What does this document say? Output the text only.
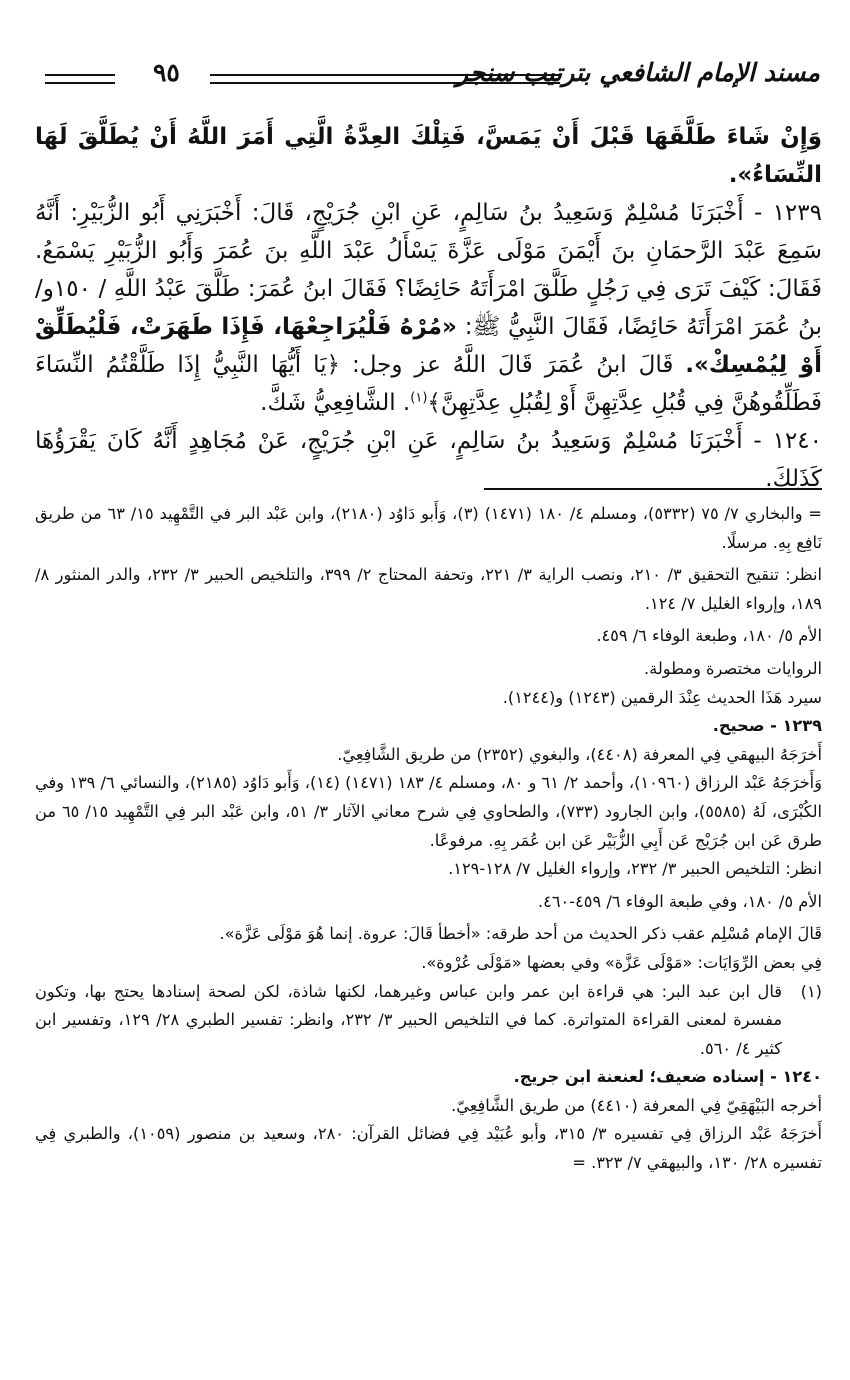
مسند الإمام الشافعي بترتيب سنجر
٩٥

وَإِنْ شَاءَ طَلَّقَهَا قَبْلَ أَنْ يَمَسَّ، فَتِلْكَ العِدَّةُ الَّتِي أَمَرَ اللَّهُ أَنْ يُطَلَّقَ لَهَا النِّسَاءُ».

١٢٣٩ - أَخْبَرَنَا مُسْلِمٌ وَسَعِيدُ بنُ سَالِمٍ، عَنِ ابْنِ جُرَيْجٍ، قَالَ: أَخْبَرَنِي أَبُو الزُّبَيْرِ: أَنَّهُ سَمِعَ عَبْدَ الرَّحمَانِ بنَ أَيْمَنَ مَوْلَى عَزَّةَ يَسْأَلُ عَبْدَ اللَّهِ بنَ عُمَرَ وَأَبُو الزُّبَيْرِ يَسْمَعُ. فَقَالَ: كَيْفَ تَرَى فِي رَجُلٍ طَلَّقَ امْرَأَتَهُ حَائِضًا؟ فَقَالَ ابنُ عُمَرَ: طَلَّقَ عَبْدُ اللَّهِ / ١٥٠و/ بنُ عُمَرَ امْرَأَتَهُ حَائِضًا، فَقَالَ النَّبِيُّ ﷺ: «مُرْهُ فَلْيُرَاجِعْهَا، فَإِذَا طَهَرَتْ، فَلْيُطَلِّقْ أَوْ لِيُمْسِكْ». قَالَ ابنُ عُمَرَ قَالَ اللَّهُ عز وجل: ﴿يَا أَيُّهَا النَّبِيُّ إِذَا طَلَّقْتُمُ النِّسَاءَ فَطَلِّقُوهُنَّ فِي قُبُلِ عِدَّتِهِنَّ أَوْ لِقُبُلِ عِدَّتِهِنَّ﴾$^{(١)}$. الشَّافِعِيُّ شَكَّ.

١٢٤٠ - أَخْبَرَنَا مُسْلِمٌ وَسَعِيدُ بنُ سَالِمٍ، عَنِ ابْنِ جُرَيْجٍ، عَنْ مُجَاهِدٍ أَنَّهُ كَانَ يَقْرَؤُهَا كَذَلِكَ.

= والبخاري ٧/ ٧٥ (٥٣٣٢)، ومسلم ٤/ ١٨٠ (١٤٧١) (٣)، وَأَبو دَاوُد (٢١٨٠)، وابن عَبْد البر في التَّمْهِيد ١٥/ ٦٣ من طريق نَافِع بِهِ. مرسلًا.

انظر: تنقيح التحقيق ٣/ ٢١٠، ونصب الراية ٣/ ٢٢١، وتحفة المحتاج ٢/ ٣٩٩، والتلخيص الحبير ٣/ ٢٣٢، والدر المنثور ٨/ ١٨٩، وإرواء الغليل ٧/ ١٢٤.

الأم ٥/ ١٨٠، وطبعة الوفاء ٦/ ٤٥٩.

الروايات مختصرة ومطولة.

سيرد هَذَا الحديث عِنْدَ الرقمين (١٢٤٣) و(١٢٤٤).

١٢٣٩ - صحيح.

أَخرَجَهُ البيهقي فِي المعرفة (٤٤٠٨)، والبغوي (٢٣٥٢) من طريق الشَّافِعِيّ.

وَأَخرَجَهُ عَبْد الرزاق (١٠٩٦٠)، وأحمد ٢/ ٦١ و ٨٠، ومسلم ٤/ ١٨٣ (١٤٧١) (١٤)، وَأَبو دَاوُد (٢١٨٥)، والنسائي ٦/ ١٣٩ وفي الكُبْرَى، لَهُ (٥٥٨٥)، وابن الجارود (٧٣٣)، والطحاوي فِي شرح معاني الآثار ٣/ ٥١، وابن عَبْد البر فِي التَّمْهِيد ١٥/ ٦٥ من طرق عَن ابن جُرَيْج عَن أَبِي الزُّبَيْر عَن ابن عُمَر بِهِ. مرفوعًا.

انظر: التلخيص الحبير ٣/ ٢٣٢، وإرواء الغليل ٧/ ١٢٨-١٢٩.

الأم ٥/ ١٨٠، وفي طبعة الوفاء ٦/ ٤٥٩-٤٦٠.

قَالَ الإمام مُسْلِم عقب ذكر الحديث من أحد طرقه: «أخطأ قَالَ: عروة. إنما هُوَ مَوْلَى عَزَّة».

فِي بعض الرِّوَايَات: «مَوْلَى عَزَّة» وفي بعضها «مَوْلَى عُرْوة».

(١)
قال ابن عبد البر: هي قراءة ابن عمر وابن عباس وغيرهما، لكنها شاذة، لكن لصحة إسنادها يحتج بها، وتكون مفسرة لمعنى القراءة المتواترة. كما في التلخيص الحبير ٣/ ٢٣٢، وانظر: تفسير الطبري ٢٨/ ١٢٩، وتفسير ابن كثير ٤/ ٥٦٠.

١٢٤٠ - إسناده ضعيف؛ لعنعنة ابن جريج.

أخرجه البَيْهَقِيّ فِي المعرفة (٤٤١٠) من طريق الشَّافِعِيّ.

أَخرَجَهُ عَبْد الرزاق فِي تفسيره ٣/ ٣١٥، وأبو عُبَيْد فِي فضائل القرآن: ٢٨٠، وسعيد بن منصور (١٠٥٩)، والطبري فِي تفسيره ٢٨/ ١٣٠، والبيهقي ٧/ ٣٢٣. =
